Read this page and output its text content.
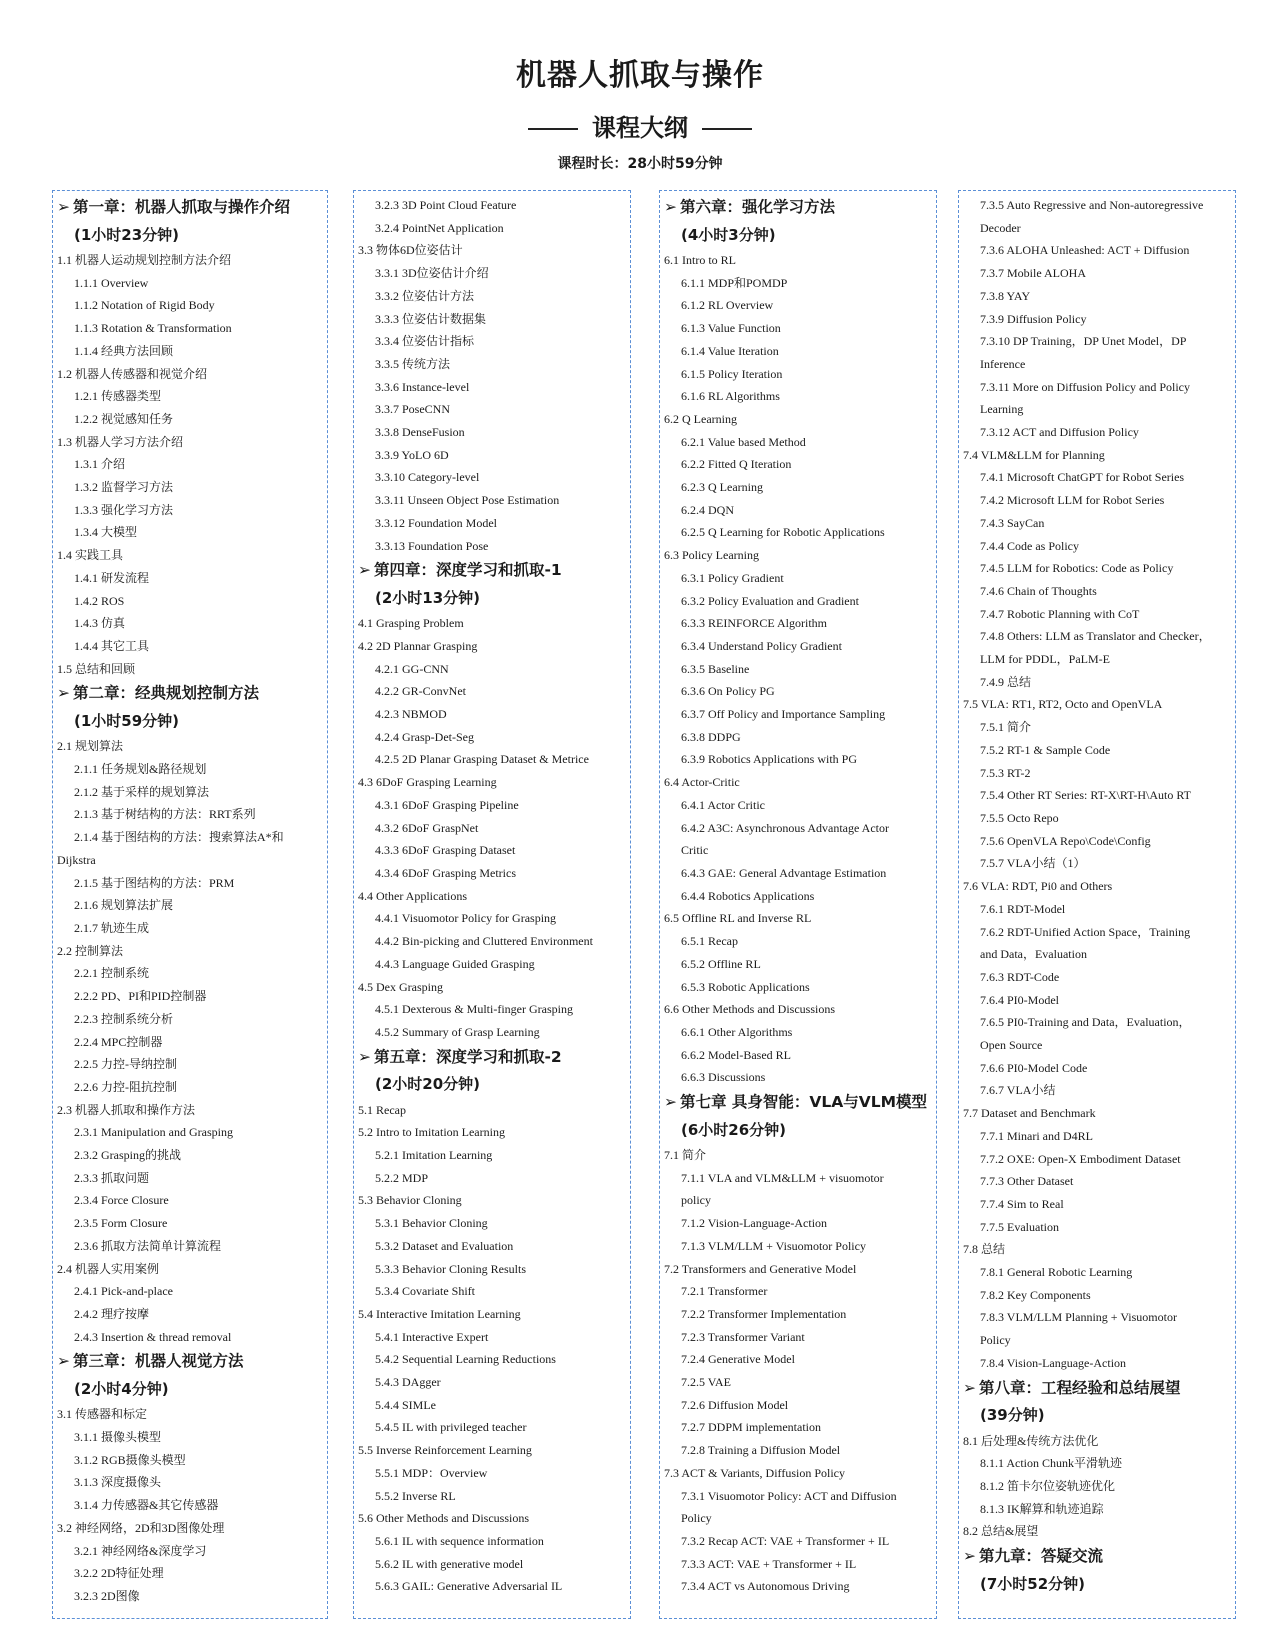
机器人抓取与操作
课程大纲
课程时长：28小时59分钟
➢ 第一章：机器人抓取与操作介绍
(1小时23分钟)
1.1 机器人运动规划控制方法介绍
1.1.1 Overview
1.1.2 Notation of Rigid Body
1.1.3 Rotation & Transformation
1.1.4 经典方法回顾
1.2 机器人传感器和视觉介绍
1.2.1 传感器类型
1.2.2 视觉感知任务
1.3 机器人学习方法介绍
1.3.1 介绍
1.3.2 监督学习方法
1.3.3 强化学习方法
1.3.4 大模型
1.4 实践工具
1.4.1 研发流程
1.4.2 ROS
1.4.3 仿真
1.4.4 其它工具
1.5 总结和回顾
➢ 第二章：经典规划控制方法
(1小时59分钟)
2.1 规划算法
2.1.1 任务规划&路径规划
2.1.2 基于采样的规划算法
2.1.3 基于树结构的方法：RRT系列
2.1.4 基于图结构的方法：搜索算法A*和
Dijkstra
2.1.5 基于图结构的方法：PRM
2.1.6 规划算法扩展
2.1.7 轨迹生成
2.2 控制算法
2.2.1 控制系统
2.2.2 PD、PI和PID控制器
2.2.3 控制系统分析
2.2.4 MPC控制器
2.2.5 力控-导纳控制
2.2.6 力控-阻抗控制
2.3 机器人抓取和操作方法
2.3.1 Manipulation and Grasping
2.3.2 Grasping的挑战
2.3.3 抓取问题
2.3.4 Force Closure
2.3.5 Form Closure
2.3.6 抓取方法简单计算流程
2.4 机器人实用案例
2.4.1 Pick-and-place
2.4.2 理疗按摩
2.4.3 Insertion & thread removal
➢ 第三章：机器人视觉方法
(2小时4分钟)
3.1 传感器和标定
3.1.1 摄像头模型
3.1.2 RGB摄像头模型
3.1.3 深度摄像头
3.1.4 力传感器&其它传感器
3.2 神经网络，2D和3D图像处理
3.2.1 神经网络&深度学习
3.2.2 2D特征处理
3.2.3 2D图像
3.2.3 3D Point Cloud Feature
3.2.4 PointNet Application
3.3 物体6D位姿估计
3.3.1 3D位姿估计介绍
3.3.2 位姿估计方法
3.3.3 位姿估计数据集
3.3.4 位姿估计指标
3.3.5 传统方法
3.3.6 Instance-level
3.3.7 PoseCNN
3.3.8 DenseFusion
3.3.9 YoLO 6D
3.3.10 Category-level
3.3.11 Unseen Object Pose Estimation
3.3.12 Foundation Model
3.3.13 Foundation Pose
➢ 第四章：深度学习和抓取-1
(2小时13分钟)
4.1 Grasping Problem
4.2 2D Plannar Grasping
4.2.1 GG-CNN
4.2.2 GR-ConvNet
4.2.3 NBMOD
4.2.4 Grasp-Det-Seg
4.2.5 2D Planar Grasping Dataset & Metrice
4.3 6DoF Grasping Learning
4.3.1 6DoF Grasping Pipeline
4.3.2 6DoF GraspNet
4.3.3 6DoF Grasping Dataset
4.3.4 6DoF Grasping Metrics
4.4 Other Applications
4.4.1 Visuomotor Policy for Grasping
4.4.2 Bin-picking and Cluttered Environment
4.4.3 Language Guided Grasping
4.5 Dex Grasping
4.5.1 Dexterous & Multi-finger Grasping
4.5.2 Summary of Grasp Learning
➢ 第五章：深度学习和抓取-2
(2小时20分钟)
5.1 Recap
5.2 Intro to Imitation Learning
5.2.1 Imitation Learning
5.2.2 MDP
5.3 Behavior Cloning
5.3.1 Behavior Cloning
5.3.2 Dataset and Evaluation
5.3.3 Behavior Cloning Results
5.3.4 Covariate Shift
5.4 Interactive Imitation Learning
5.4.1 Interactive Expert
5.4.2 Sequential Learning Reductions
5.4.3 DAgger
5.4.4 SIMLe
5.4.5 IL with privileged teacher
5.5 Inverse Reinforcement Learning
5.5.1 MDP：Overview
5.5.2 Inverse RL
5.6 Other Methods and Discussions
5.6.1 IL with sequence information
5.6.2 IL with generative model
5.6.3 GAIL: Generative Adversarial IL
➢ 第六章：强化学习方法
(4小时3分钟)
6.1 Intro to RL
6.1.1 MDP和POMDP
6.1.2 RL Overview
6.1.3 Value Function
6.1.4 Value Iteration
6.1.5 Policy Iteration
6.1.6 RL Algorithms
6.2 Q Learning
6.2.1 Value based Method
6.2.2 Fitted Q Iteration
6.2.3 Q Learning
6.2.4 DQN
6.2.5 Q Learning for Robotic Applications
6.3 Policy Learning
6.3.1 Policy Gradient
6.3.2 Policy Evaluation and Gradient
6.3.3 REINFORCE Algorithm
6.3.4 Understand Policy Gradient
6.3.5 Baseline
6.3.6 On Policy PG
6.3.7 Off Policy and Importance Sampling
6.3.8 DDPG
6.3.9 Robotics Applications with PG
6.4 Actor-Critic
6.4.1 Actor Critic
6.4.2 A3C: Asynchronous Advantage Actor
Critic
6.4.3 GAE: General Advantage Estimation
6.4.4 Robotics Applications
6.5 Offline RL and Inverse RL
6.5.1 Recap
6.5.2 Offline RL
6.5.3 Robotic Applications
6.6 Other Methods and Discussions
6.6.1 Other Algorithms
6.6.2 Model-Based RL
6.6.3 Discussions
➢ 第七章 具身智能：VLA与VLM模型
(6小时26分钟)
7.1 简介
7.1.1 VLA and VLM&LLM + visuomotor
policy
7.1.2 Vision-Language-Action
7.1.3 VLM/LLM + Visuomotor Policy
7.2 Transformers and Generative Model
7.2.1 Transformer
7.2.2 Transformer Implementation
7.2.3 Transformer Variant
7.2.4 Generative Model
7.2.5 VAE
7.2.6 Diffusion Model
7.2.7 DDPM implementation
7.2.8 Training a Diffusion Model
7.3 ACT & Variants, Diffusion Policy
7.3.1 Visuomotor Policy: ACT and Diffusion
Policy
7.3.2 Recap ACT: VAE + Transformer + IL
7.3.3 ACT: VAE + Transformer + IL
7.3.4 ACT vs Autonomous Driving
7.3.5 Auto Regressive and Non-autoregressive
Decoder
7.3.6 ALOHA Unleashed: ACT + Diffusion
7.3.7 Mobile ALOHA
7.3.8 YAY
7.3.9 Diffusion Policy
7.3.10 DP Training，DP Unet Model，DP
Inference
7.3.11 More on Diffusion Policy and Policy
Learning
7.3.12 ACT and Diffusion Policy
7.4 VLM&LLM for Planning
7.4.1 Microsoft ChatGPT for Robot Series
7.4.2 Microsoft LLM for Robot Series
7.4.3 SayCan
7.4.4 Code as Policy
7.4.5 LLM for Robotics: Code as Policy
7.4.6 Chain of Thoughts
7.4.7 Robotic Planning with CoT
7.4.8 Others: LLM as Translator and Checker，
LLM for PDDL，PaLM-E
7.4.9 总结
7.5 VLA: RT1, RT2, Octo and OpenVLA
7.5.1 简介
7.5.2 RT-1 & Sample Code
7.5.3 RT-2
7.5.4 Other RT Series: RT-X\RT-H\Auto RT
7.5.5 Octo Repo
7.5.6 OpenVLA Repo\Code\Config
7.5.7 VLA小结（1）
7.6 VLA: RDT, Pi0 and Others
7.6.1 RDT-Model
7.6.2 RDT-Unified Action Space，Training
and Data，Evaluation
7.6.3 RDT-Code
7.6.4 PI0-Model
7.6.5 PI0-Training and Data，Evaluation，
Open Source
7.6.6 PI0-Model Code
7.6.7 VLA小结
7.7 Dataset and Benchmark
7.7.1 Minari and D4RL
7.7.2 OXE: Open-X Embodiment Dataset
7.7.3 Other Dataset
7.7.4 Sim to Real
7.7.5 Evaluation
7.8 总结
7.8.1 General Robotic Learning
7.8.2 Key Components
7.8.3 VLM/LLM Planning + Visuomotor
Policy
7.8.4 Vision-Language-Action
➢ 第八章：工程经验和总结展望
(39分钟)
8.1 后处理&传统方法优化
8.1.1 Action Chunk平滑轨迹
8.1.2 笛卡尔位姿轨迹优化
8.1.3 IK解算和轨迹追踪
8.2 总结&展望
➢ 第九章：答疑交流
(7小时52分钟)
